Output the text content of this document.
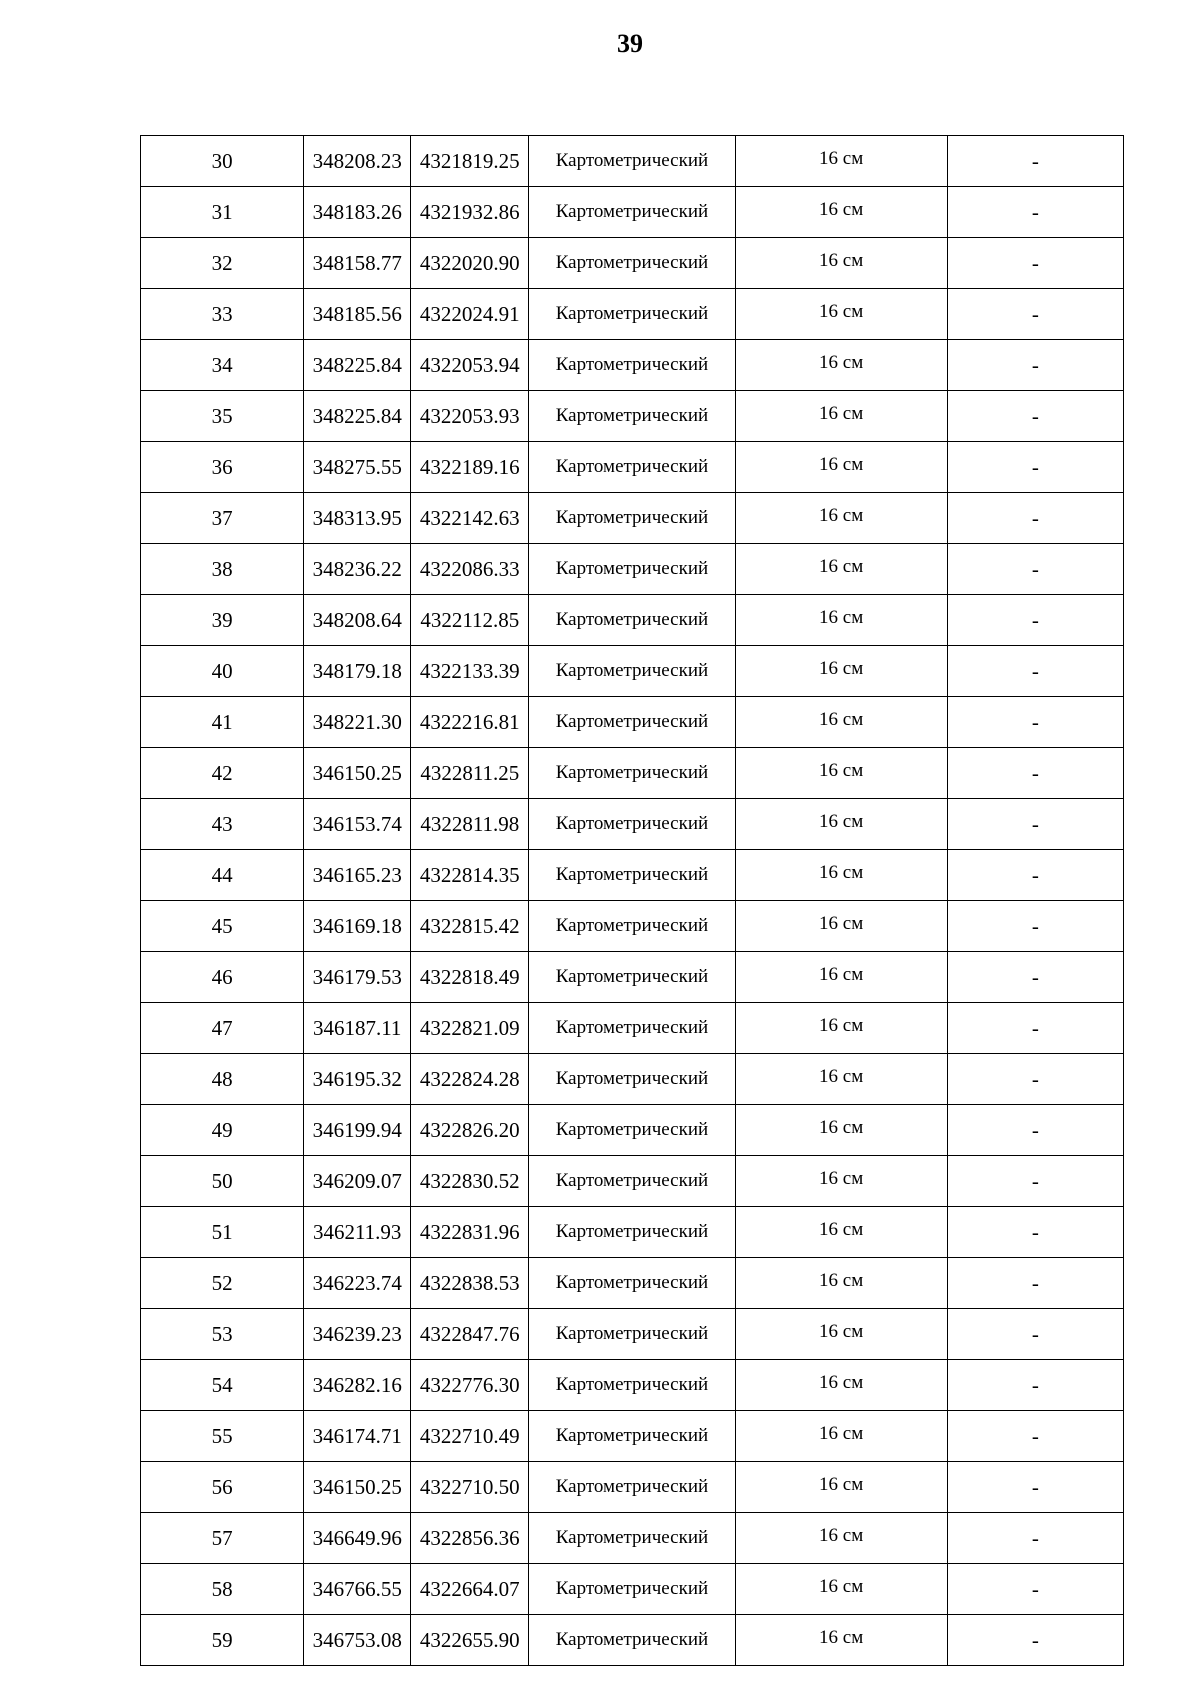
39
30	348208.23	4321819.25	Картометрический	16 см	-
31	348183.26	4321932.86	Картометрический	16 см	-
32	348158.77	4322020.90	Картометрический	16 см	-
33	348185.56	4322024.91	Картометрический	16 см	-
34	348225.84	4322053.94	Картометрический	16 см	-
35	348225.84	4322053.93	Картометрический	16 см	-
36	348275.55	4322189.16	Картометрический	16 см	-
37	348313.95	4322142.63	Картометрический	16 см	-
38	348236.22	4322086.33	Картометрический	16 см	-
39	348208.64	4322112.85	Картометрический	16 см	-
40	348179.18	4322133.39	Картометрический	16 см	-
41	348221.30	4322216.81	Картометрический	16 см	-
42	346150.25	4322811.25	Картометрический	16 см	-
43	346153.74	4322811.98	Картометрический	16 см	-
44	346165.23	4322814.35	Картометрический	16 см	-
45	346169.18	4322815.42	Картометрический	16 см	-
46	346179.53	4322818.49	Картометрический	16 см	-
47	346187.11	4322821.09	Картометрический	16 см	-
48	346195.32	4322824.28	Картометрический	16 см	-
49	346199.94	4322826.20	Картометрический	16 см	-
50	346209.07	4322830.52	Картометрический	16 см	-
51	346211.93	4322831.96	Картометрический	16 см	-
52	346223.74	4322838.53	Картометрический	16 см	-
53	346239.23	4322847.76	Картометрический	16 см	-
54	346282.16	4322776.30	Картометрический	16 см	-
55	346174.71	4322710.49	Картометрический	16 см	-
56	346150.25	4322710.50	Картометрический	16 см	-
57	346649.96	4322856.36	Картометрический	16 см	-
58	346766.55	4322664.07	Картометрический	16 см	-
59	346753.08	4322655.90	Картометрический	16 см	-
